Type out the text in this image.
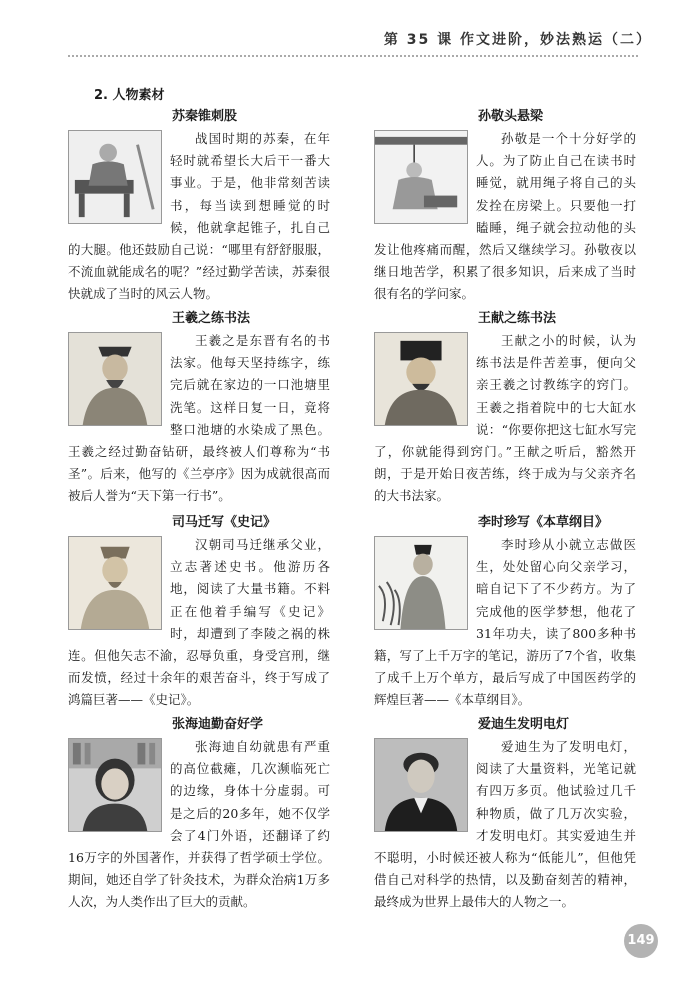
第 35 课 作文进阶，妙法熟运（二）
2. 人物素材
苏秦锥刺股

战国时期的苏秦，在年轻时就希望长大后干一番大事业。于是，他非常刻苦读书，每当读到想睡觉的时候，他就拿起锥子，扎自己的大腿。他还鼓励自己说：“哪里有舒舒服服，不流血就能成名的呢？”经过勤学苦读，苏秦很快就成了当时的风云人物。

孙敬头悬梁

孙敬是一个十分好学的人。为了防止自己在读书时睡觉，就用绳子将自己的头发拴在房梁上。只要他一打瞌睡，绳子就会拉动他的头发让他疼痛而醒，然后又继续学习。孙敬夜以继日地苦学，积累了很多知识，后来成了当时很有名的学问家。

王羲之练书法

王羲之是东晋有名的书法家。他每天坚持练字，练完后就在家边的一口池塘里洗笔。这样日复一日，竟将整口池塘的水染成了黑色。王羲之经过勤奋钻研，最终被人们尊称为“书圣”。后来，他写的《兰亭序》因为成就很高而被后人誉为“天下第一行书”。

王献之练书法

王献之小的时候，认为练书法是件苦差事，便向父亲王羲之讨教练字的窍门。王羲之指着院中的七大缸水说：“你要你把这七缸水写完了，你就能得到窍门。”王献之听后，豁然开朗，于是开始日夜苦练，终于成为与父亲齐名的大书法家。

司马迁写《史记》

汉朝司马迁继承父业，立志著述史书。他游历各地，阅读了大量书籍。不料正在他着手编写《史记》时，却遭到了李陵之祸的株连。但他矢志不渝，忍辱负重，身受宫刑，继而发愤，经过十余年的艰苦奋斗，终于写成了鸿篇巨著——《史记》。

李时珍写《本草纲目》

李时珍从小就立志做医生，处处留心向父亲学习，暗自记下了不少药方。为了完成他的医学梦想，他花了31年功夫，读了800多种书籍，写了上千万字的笔记，游历了7个省，收集了成千上万个单方，最后写成了中国医药学的辉煌巨著——《本草纲目》。

张海迪勤奋好学

张海迪自幼就患有严重的高位截瘫，几次濒临死亡的边缘，身体十分虚弱。可是之后的20多年，她不仅学会了4门外语，还翻译了约16万字的外国著作，并获得了哲学硕士学位。期间，她还自学了针灸技术，为群众治病1万多人次，为人类作出了巨大的贡献。

爱迪生发明电灯

爱迪生为了发明电灯，阅读了大量资料，光笔记就有四万多页。他试验过几千种物质，做了几万次实验，才发明电灯。其实爱迪生并不聪明，小时候还被人称为“低能儿”，但他凭借自己对科学的热情，以及勤奋刻苦的精神，最终成为世界上最伟大的人物之一。

149
